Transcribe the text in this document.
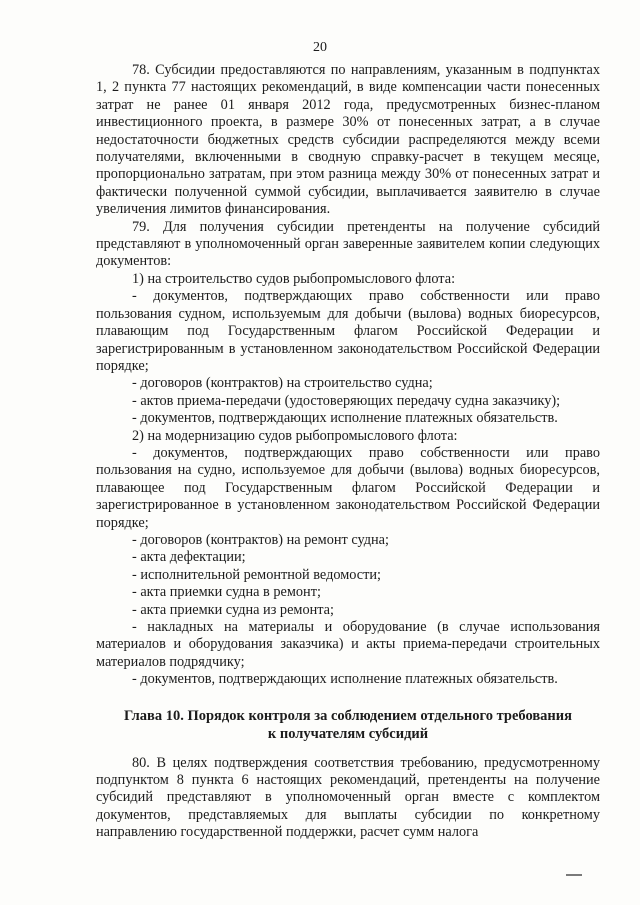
20

78. Субсидии предоставляются по направлениям, указанным в подпунктах 1, 2 пункта 77 настоящих рекомендаций, в виде компенсации части понесенных затрат не ранее 01 января 2012 года, предусмотренных бизнес-планом инвестиционного проекта, в размере 30% от понесенных затрат, а в случае недостаточности бюджетных средств субсидии распределяются между всеми получателями, включенными в сводную справку-расчет в текущем месяце, пропорционально затратам, при этом разница между 30% от понесенных затрат и фактически полученной суммой субсидии, выплачивается заявителю в случае увеличения лимитов финансирования.

79. Для получения субсидии претенденты на получение субсидий представляют в уполномоченный орган заверенные заявителем копии следующих документов:

1) на строительство судов рыбопромыслового флота:

- документов, подтверждающих право собственности или право пользования судном, используемым для добычи (вылова) водных биоресурсов, плавающим под Государственным флагом Российской Федерации и зарегистрированным в установленном законодательством Российской Федерации порядке;

- договоров (контрактов) на строительство судна;

- актов приема-передачи (удостоверяющих передачу судна заказчику);

- документов, подтверждающих исполнение платежных обязательств.

2) на модернизацию судов рыбопромыслового флота:

- документов, подтверждающих право собственности или право пользования на судно, используемое для добычи (вылова) водных биоресурсов, плавающее под Государственным флагом Российской Федерации и зарегистрированное в установленном законодательством Российской Федерации порядке;

- договоров (контрактов) на ремонт судна;

- акта дефектации;

- исполнительной ремонтной ведомости;

- акта приемки судна в ремонт;

- акта приемки судна из ремонта;

- накладных на материалы и оборудование (в случае использования материалов и оборудования заказчика) и акты приема-передачи строительных материалов подрядчику;

- документов, подтверждающих исполнение платежных обязательств.

Глава 10. Порядок контроля за соблюдением отдельного требования
к получателям субсидий

80. В целях подтверждения соответствия требованию, предусмотренному подпунктом 8 пункта 6 настоящих рекомендаций, претенденты на получение субсидий представляют в уполномоченный орган вместе с комплектом документов, представляемых для выплаты субсидии по конкретному направлению государственной поддержки, расчет сумм налога
